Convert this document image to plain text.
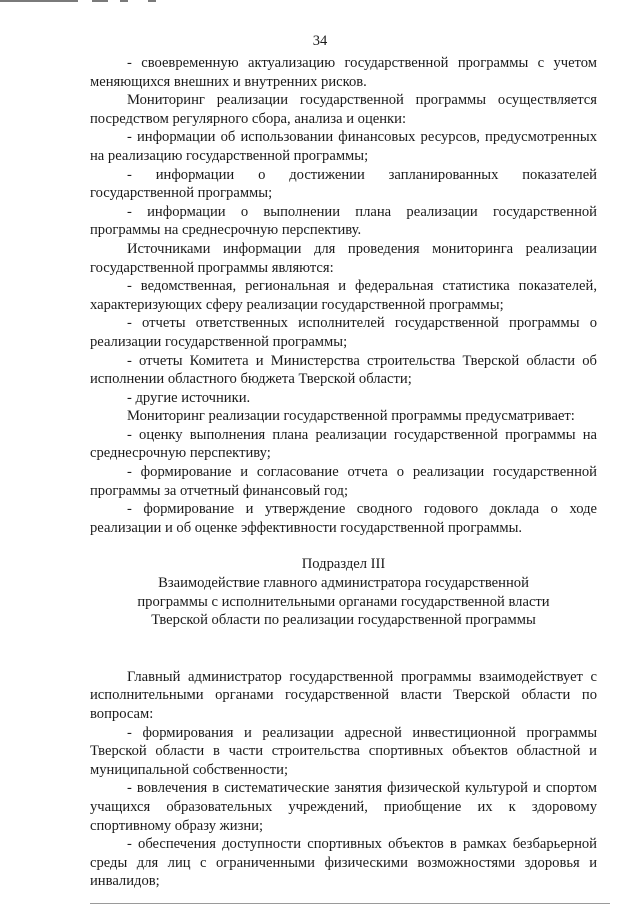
34

- своевременную актуализацию государственной программы с учетом меняющихся внешних и внутренних рисков.

Мониторинг реализации государственной программы осуществляется посредством регулярного сбора, анализа и оценки:

- информации об использовании финансовых ресурсов, предусмотренных на реализацию государственной программы;

- информации о достижении запланированных показателей государственной программы;

- информации о выполнении плана реализации государственной программы на среднесрочную перспективу.

Источниками информации для проведения мониторинга реализации государственной программы являются:

- ведомственная, региональная и федеральная статистика показателей, характеризующих сферу реализации государственной программы;

- отчеты ответственных исполнителей государственной программы о реализации государственной программы;

- отчеты Комитета и Министерства строительства Тверской области об исполнении областного бюджета Тверской области;

- другие источники.

Мониторинг реализации государственной программы предусматривает:

- оценку выполнения плана реализации государственной программы на среднесрочную перспективу;

- формирование и согласование отчета о реализации государственной программы за отчетный финансовый год;

- формирование и утверждение сводного годового доклада о ходе реализации и об оценке эффективности государственной программы.

Подраздел III

Взаимодействие главного администратора государственной

программы с исполнительными органами государственной власти

Тверской области по реализации государственной программы

Главный администратор государственной программы взаимодействует с исполнительными органами государственной власти Тверской области по вопросам:

- формирования и реализации адресной инвестиционной программы Тверской области в части строительства спортивных объектов областной и муниципальной собственности;

- вовлечения в систематические занятия физической культурой и спортом учащихся образовательных учреждений, приобщение их к здоровому спортивному образу жизни;

- обеспечения доступности спортивных объектов в рамках безбарьерной среды для лиц с ограниченными физическими возможностями здоровья и инвалидов;
